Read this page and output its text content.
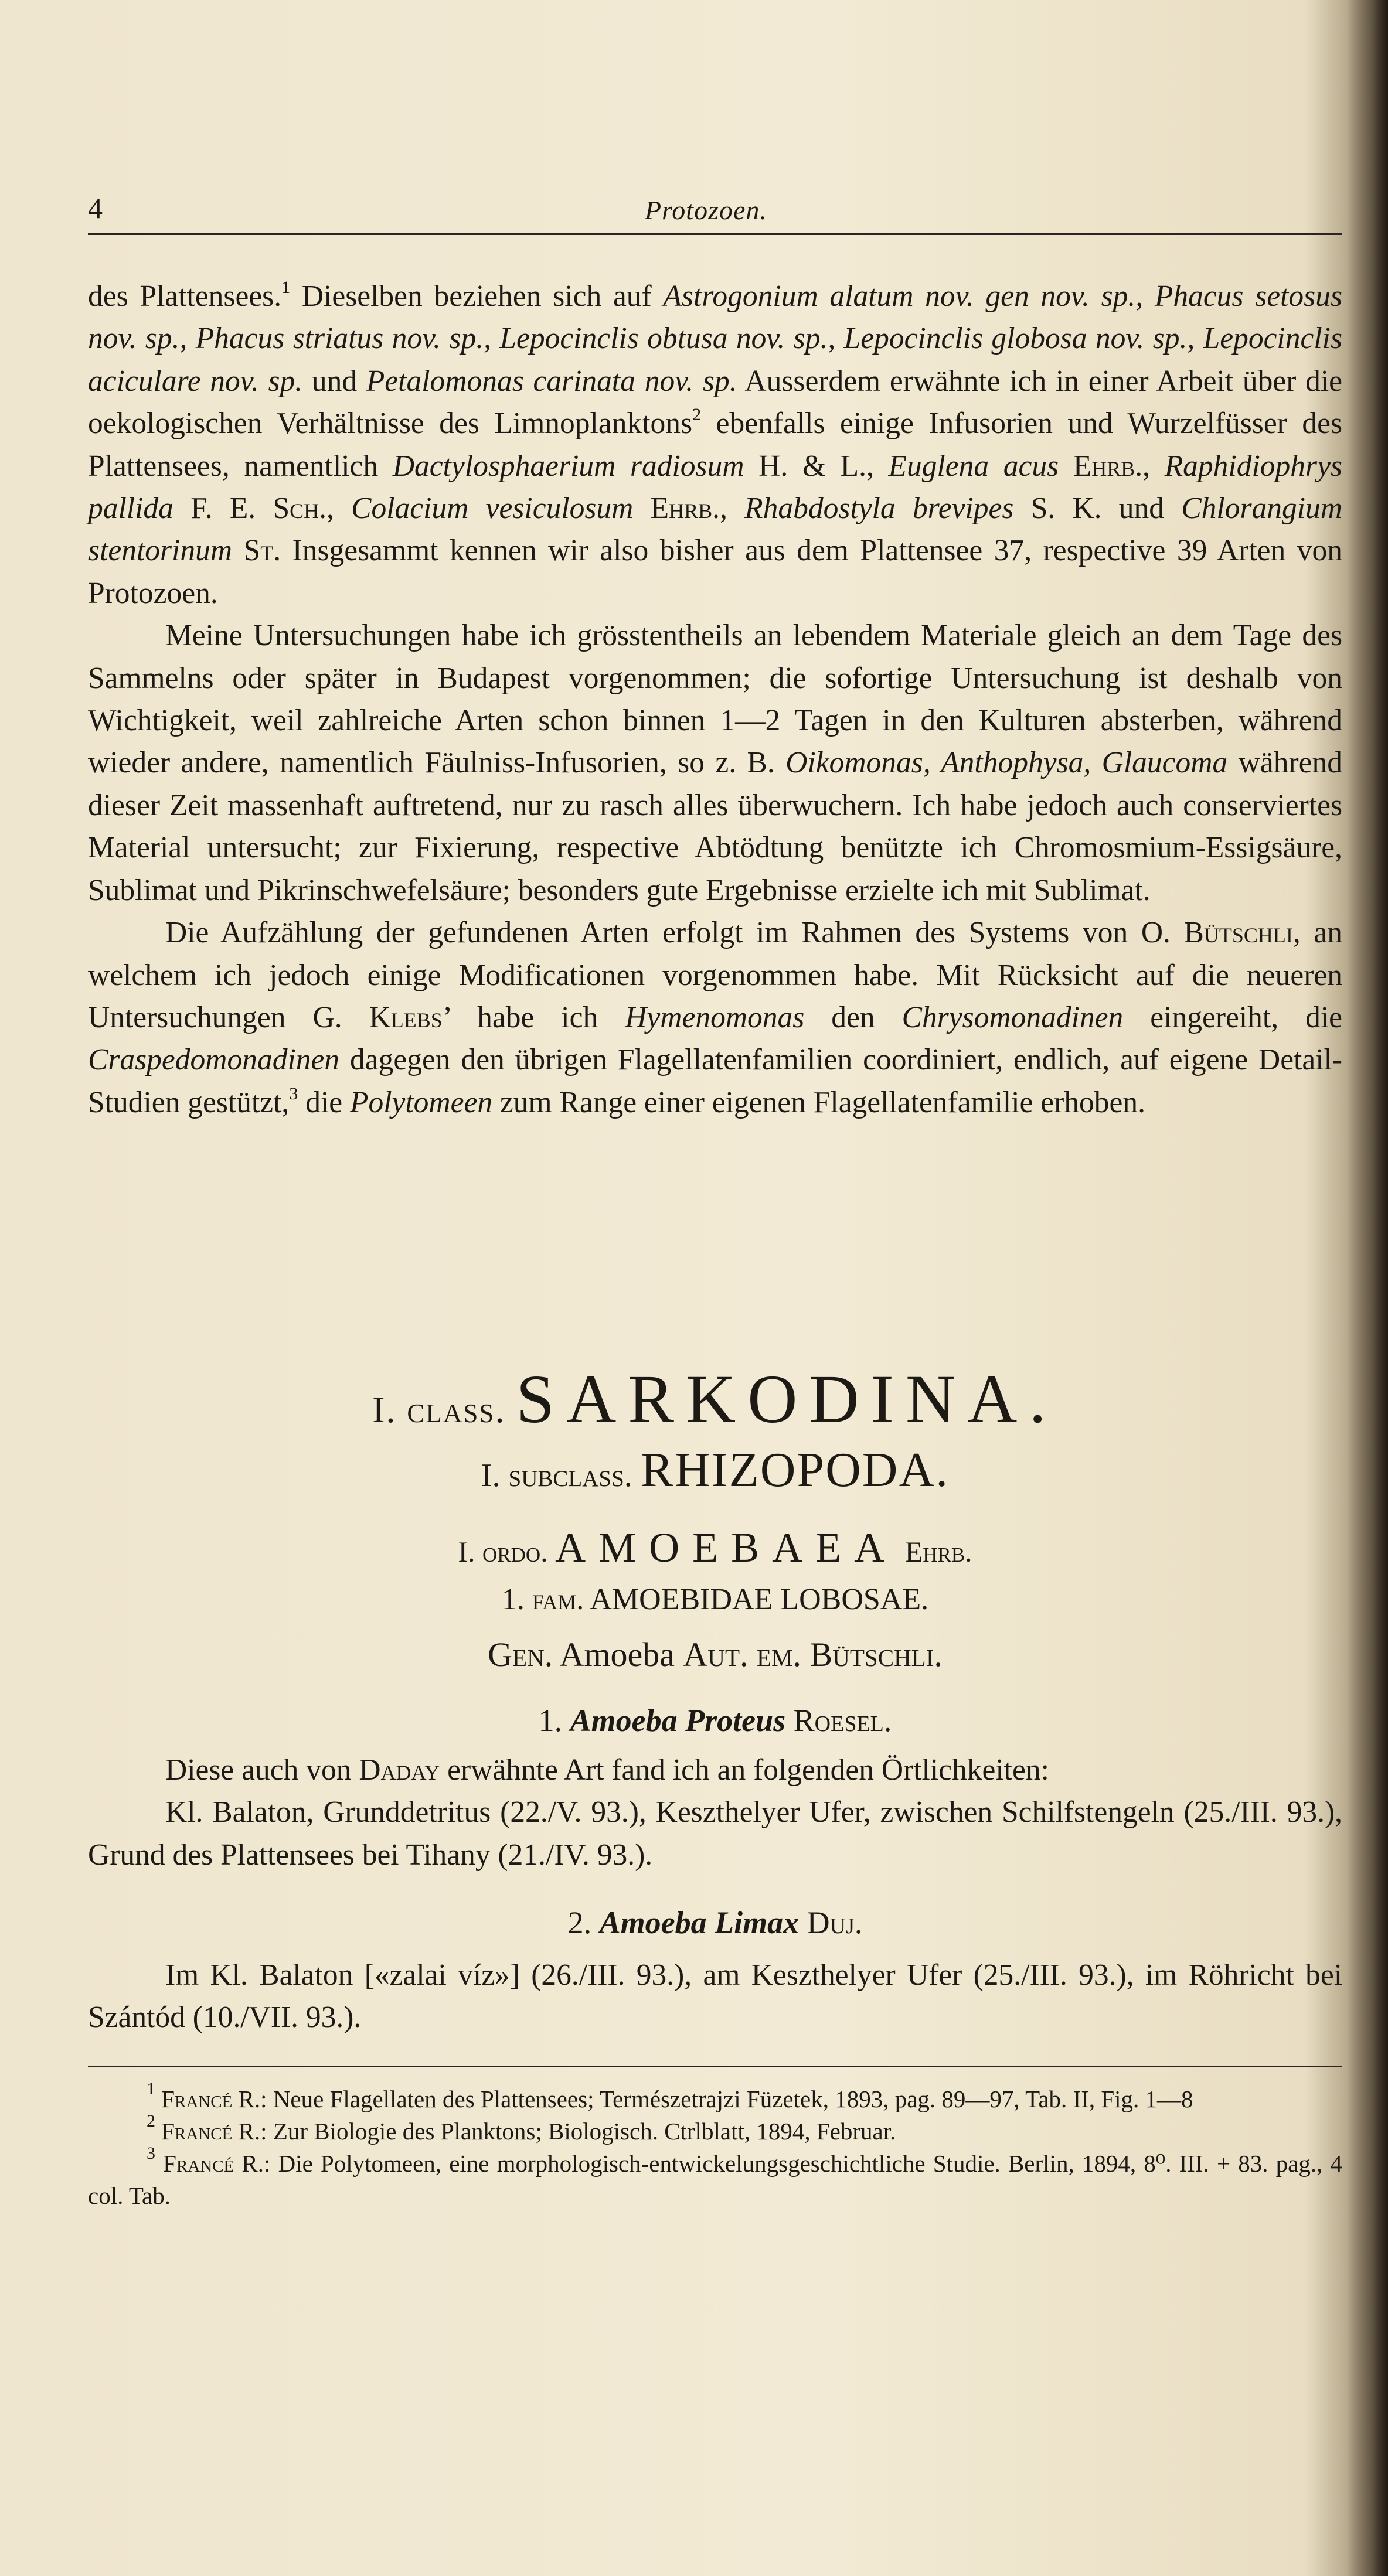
4	Protozoen.

des Plattensees.$^1$ Dieselben beziehen sich auf Astrogonium alatum nov. gen nov. sp., Phacus setosus nov. sp., Phacus striatus nov. sp., Lepocinclis obtusa nov. sp., Lepocinclis globosa nov. sp., Lepocinclis aciculare nov. sp. und Petalomonas carinata nov. sp. Ausserdem erwähnte ich in einer Arbeit über die oekologischen Verhältnisse des Limnoplanktons$^2$ ebenfalls einige Infusorien und Wurzelfüsser des Plattensees, namentlich Dactylosphaerium radiosum H. & L., Euglena acus Ehrb., Raphidiophrys pallida F. E. Sch., Colacium vesiculosum Ehrb., Rhabdostyla brevipes S. K. und Chlorangium stentorinum St. Insgesammt kennen wir also bisher aus dem Plattensee 37, respective 39 Arten von Protozoen.

Meine Untersuchungen habe ich grösstentheils an lebendem Materiale gleich an dem Tage des Sammelns oder später in Budapest vorgenommen; die sofortige Untersuchung ist deshalb von Wichtigkeit, weil zahlreiche Arten schon binnen 1—2 Tagen in den Kulturen absterben, während wieder andere, namentlich Fäulniss-Infusorien, so z. B. Oikomonas, Anthophysa, Glaucoma während dieser Zeit massenhaft auftretend, nur zu rasch alles überwuchern. Ich habe jedoch auch conserviertes Material untersucht; zur Fixierung, respective Abtödtung benützte ich Chromosmium-Essigsäure, Sublimat und Pikrinschwefelsäure; besonders gute Ergebnisse erzielte ich mit Sublimat.

Die Aufzählung der gefundenen Arten erfolgt im Rahmen des Systems von O. Bütschli, an welchem ich jedoch einige Modificationen vorgenommen habe. Mit Rücksicht auf die neueren Untersuchungen G. Klebs’ habe ich Hymenomonas den Chrysomonadinen eingereiht, die Craspedomonadinen dagegen den übrigen Flagellatenfamilien coordiniert, endlich, auf eigene Detail-Studien gestützt,$^3$ die Polytomeen zum Range einer eigenen Flagellatenfamilie erhoben.

I. class. SARKODINA.
I. subclass. RHIZOPODA.
I. ordo. AMOEBAEA Ehrb.
1. fam. AMOEBIDAE LOBOSAE.
Gen. Amoeba Aut. em. Bütschli.
1. Amoeba Proteus Roesel.

Diese auch von Daday erwähnte Art fand ich an folgenden Örtlichkeiten:

Kl. Balaton, Grunddetritus (22./V. 93.), Keszthelyer Ufer, zwischen Schilfstengeln (25./III. 93.), Grund des Plattensees bei Tihany (21./IV. 93.).

2. Amoeba Limax Duj.

Im Kl. Balaton [«zalai víz»] (26./III. 93.), am Keszthelyer Ufer (25./III. 93.), im Röhricht bei Szántód (10./VII. 93.).

$^1$ Francé R.: Neue Flagellaten des Plattensees; Természetrajzi Füzetek, 1893, pag. 89—97, Tab. II, Fig. 1—8

$^2$ Francé R.: Zur Biologie des Planktons; Biologisch. Ctrlblatt, 1894, Februar.

$^3$ Francé R.: Die Polytomeen, eine morphologisch-entwickelungsgeschichtliche Studie. Berlin, 1894, 8⁰. III. + 83. pag., 4 col. Tab.
